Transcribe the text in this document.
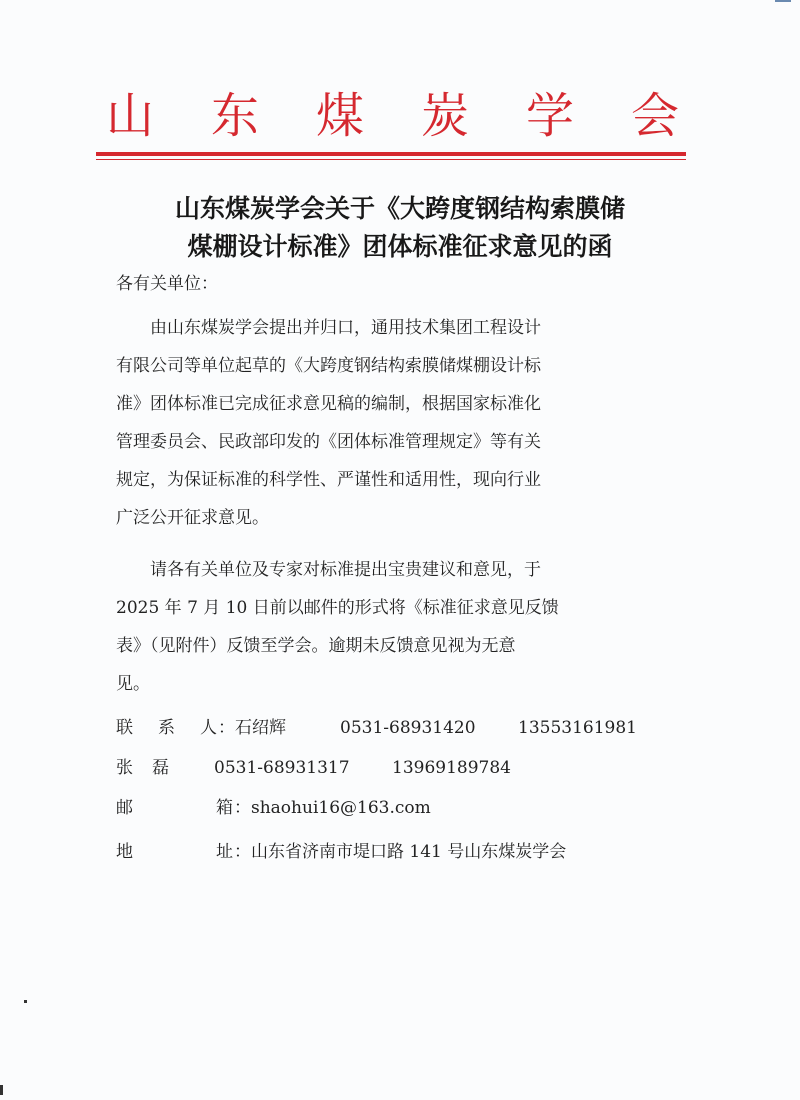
山 东 煤 炭 学 会
山东煤炭学会关于《大跨度钢结构索膜储
煤棚设计标准》团体标准征求意见的函
各有关单位：
由山东煤炭学会提出并归口，通用技术集团工程设计
有限公司等单位起草的《大跨度钢结构索膜储煤棚设计标
准》团体标准已完成征求意见稿的编制，根据国家标准化
管理委员会、民政部印发的《团体标准管理规定》等有关
规定，为保证标准的科学性、严谨性和适用性，现向行业
广泛公开征求意见。
请各有关单位及专家对标准提出宝贵建议和意见，于
2025 年 7 月 10 日前以邮件的形式将《标准征求意见反馈
表》（见附件）反馈至学会。逾期未反馈意见视为无意
见。
联 系 人 ：石绍辉	0531-68931420 13553161981
张 磊	0531-68931317 13969189784
邮	箱 ：shaohui16@163.com
地	址 ：山东省济南市堤口路 141 号山东煤炭学会
